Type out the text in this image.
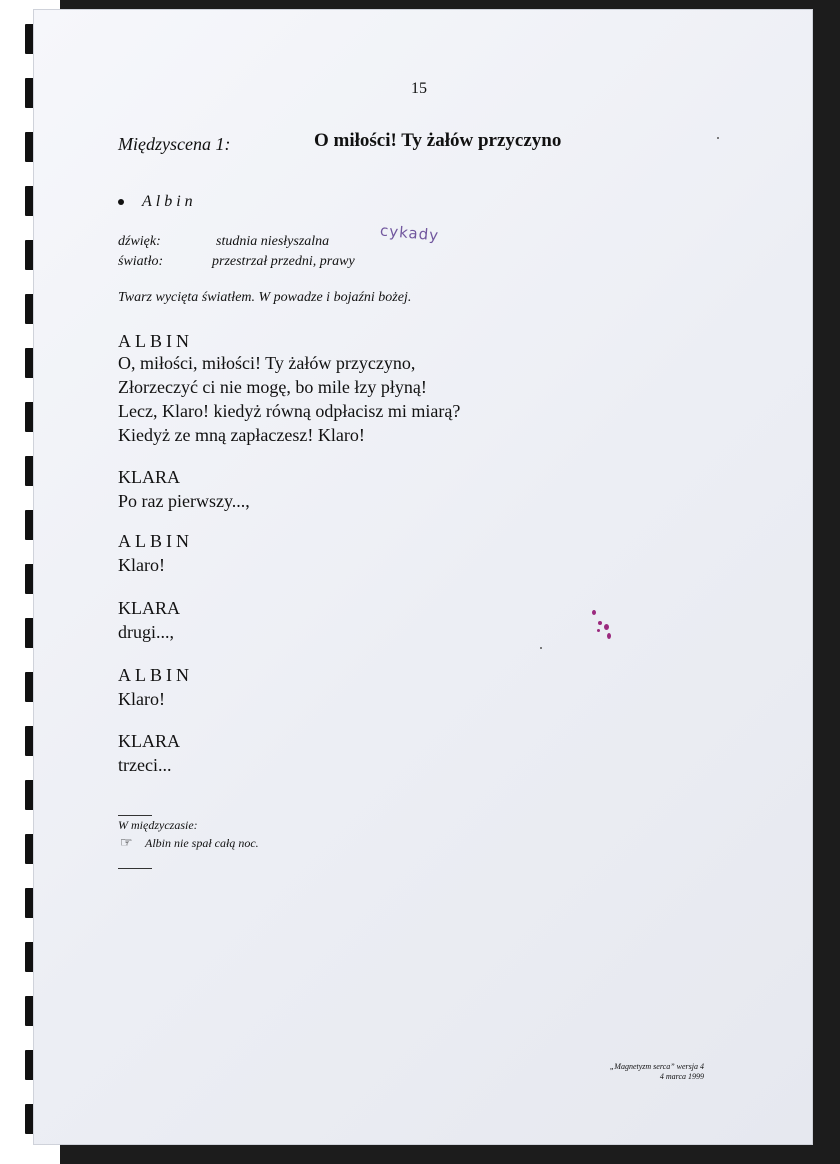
15
Międzyscena 1:	O miłości! Ty żałów przyczyno
Albin
dźwięk:	studnia niesłyszalna
światło:	przestrzał przedni, prawy
cykady
Twarz wycięta światłem. W powadze i bojaźni bożej.
ALBIN
O, miłości, miłości! Ty żałów przyczyno,
Złorzeczyć ci nie mogę, bo mile łzy płyną!
Lecz, Klaro! kiedyż równą odpłacisz mi miarą?
Kiedyż ze mną zapłaczesz! Klaro!
KLARA
Po raz pierwszy...,
ALBIN
Klaro!
KLARA
drugi...,
ALBIN
Klaro!
KLARA
trzeci...
W międzyczasie:
☞ Albin nie spał całą noc.
„Magnetyzm serca” wersja 4
4 marca 1999
